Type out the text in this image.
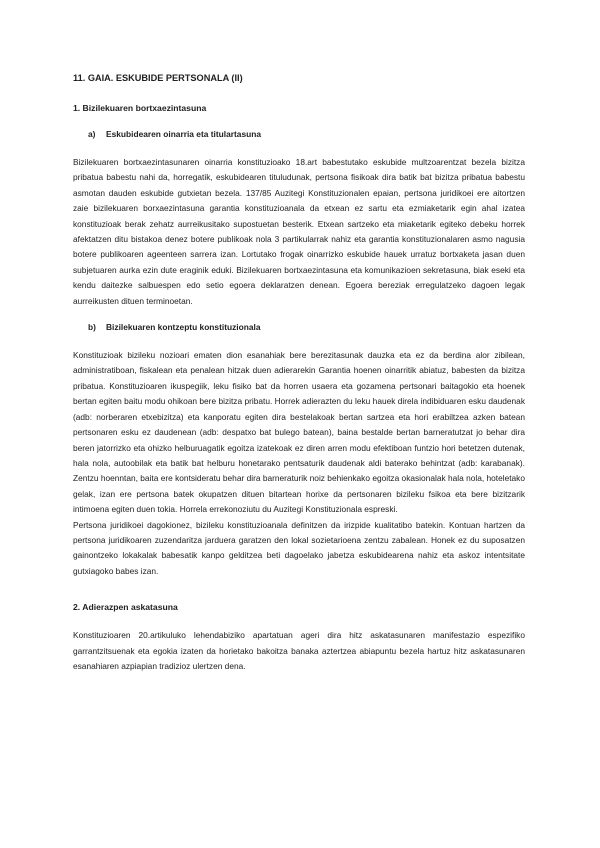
11. GAIA. ESKUBIDE PERTSONALA (II)
1. Bizilekuaren bortxaezintasuna
a) Eskubidearen oinarria eta titulartasuna

Bizilekuaren bortxaezintasunaren oinarria konstituzioako 18.art babestutako eskubide multzoarentzat bezela bizitza pribatua babestu nahi da, horregatik, eskubidearen tituludunak, pertsona fisikoak dira batik bat bizitza pribatua babestu asmotan dauden eskubide gutxietan bezela. 137/85 Auzitegi Konstituzionalen epaian, pertsona juridikoei ere aitortzen zaie bizilekuaren borxaezintasuna garantia konstituzioanala da etxean ez sartu eta ezmiaketarik egin ahal izatea konstituzioak berak zehatz aurreikusitako supostuetan besterik. Etxean sartzeko eta miaketarik egiteko debeku horrek afektatzen ditu bistakoa denez botere publikoak nola 3 partikularrak nahiz eta garantia konstituzionalaren asmo nagusia botere publikoaren ageenteen sarrera izan. Lortutako frogak oinarrizko eskubide hauek urratuz bortxaketa jasan duen subjetuaren aurka ezin dute eraginik eduki. Bizilekuaren bortxaezintasuna eta komunikazioen sekretasuna, biak eseki eta kendu daitezke salbuespen edo setio egoera deklaratzen denean. Egoera bereziak erregulatzeko dagoen legak aurreikusten dituen terminoetan.

b) Bizilekuaren kontzeptu konstituzionala

Konstituzioak bizileku nozioari ematen dion esanahiak bere berezitasunak dauzka eta ez da berdina alor zibilean, administratiboan, fiskalean eta penalean hitzak duen adierarekin Garantia hoenen oinarritik abiatuz, babesten da bizitza pribatua. Konstituzioaren ikuspegiik, leku fisiko bat da horren usaera eta gozamena pertsonari baitagokio eta hoenek bertan egiten baitu modu ohikoan bere bizitza pribatu. Horrek adierazten du leku hauek direla indibiduaren esku daudenak (adb: norberaren etxebizitza) eta kanporatu egiten dira bestelakoak bertan sartzea eta hori erabiltzea azken batean pertsonaren esku ez daudenean (adb: despatxo bat bulego batean), baina bestalde bertan barneratutzat jo behar dira beren jatorrizko eta ohizko helburuagatik egoitza izatekoak ez diren arren modu efektiboan funtzio hori betetzen dutenak, hala nola, autoobilak eta batik bat helburu honetarako pentsaturik daudenak aldi baterako behintzat (adb: karabanak). Zentzu hoenntan, baita ere kontsideratu behar dira barneraturik noiz behienkako egoitza okasionalak hala nola, hoteletako gelak, izan ere pertsona batek okupatzen dituen bitartean horixe da pertsonaren bizileku fsikoa eta bere bizitzarik intimoena egiten duen tokia. Horrela errekonoziutu du Auzitegi Konstituzionala espreski.

Pertsona juridikoei dagokionez, bizileku konstituzioanala definitzen da irizpide kualitatibo batekin. Kontuan hartzen da pertsona juridikoaren zuzendaritza jarduera garatzen den lokal sozietarioena zentzu zabalean. Honek ez du suposatzen gainontzeko lokakalak babesatik kanpo gelditzea beti dagoelako jabetza eskubidearena nahiz eta askoz intentsitate gutxiagoko babes izan.

2. Adierazpen askatasuna

Konstituzioaren 20.artikuluko lehendabiziko apartatuan ageri dira hitz askatasunaren manifestazio espezifiko garrantzitsuenak eta egokia izaten da horietako bakoitza banaka aztertzea abiapuntu bezela hartuz hitz askatasunaren esanahiaren azpiapian tradizioz ulertzen dena.
